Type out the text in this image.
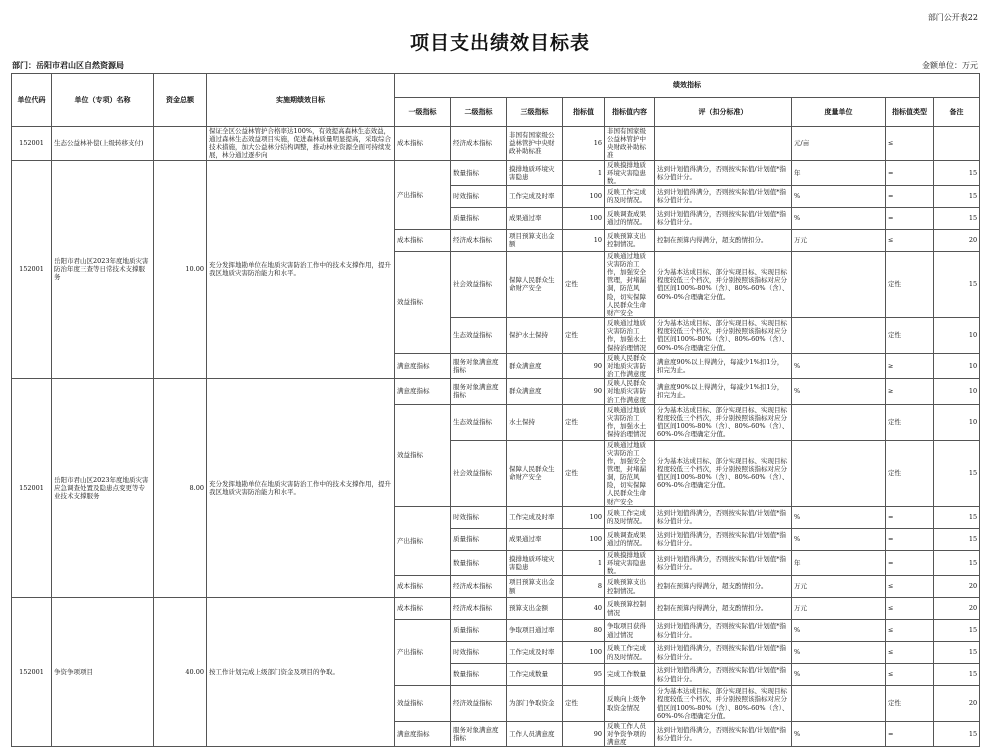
部门公开表22
项目支出绩效目标表
部门：岳阳市君山区自然资源局	金额单位：万元
单位代码	单位（专项）名称	资金总额	实施期绩效目标	绩效指标								
				一级指标	二级指标	三级指标	指标值	指标值内容	评（扣分标准）	度量单位	指标值类型	备注
152001	生态公益林补偿(上级转移支付)		保证全区公益林管护合格率达100%，有效提高森林生态效益，通过森林生态效益项目实施，促进森林质量明显提高，采取综合技术措施，加大公益林分结构调整，推动林业资源全面可持续发展，林分通过逐步向	成本指标	经济成本指标	非国有国家级公益林管护中央财政补助标准	16	非国有国家级公益林管护中央财政补助标准		元/亩	≤	
152001	岳阳市君山区2023年度地质灾害防治年度三查等日常技术支撑服务	10.00	充分发挥地勘单位在地质灾害防治工作中的技术支撑作用，提升我区地质灾害防治能力和水平。	产出指标	数量指标	摸排地质环境灾害隐患	1	反映摸排地质环境灾害隐患数。	达到计划值得满分，否则按实际值/计划值*指标分值计分。	年	=	15
					时效指标	工作完成及时率	100	反映工作完成的及时情况。	达到计划值得满分，否则按实际值/计划值*指标分值计分。	%	=	15
					质量指标	成果通过率	100	反映调查成果通过的情况。	达到计划值得满分，否则按实际值/计划值*指标分值计分。	%	=	15
				成本指标	经济成本指标	项目预算支出金额	10	反映预算支出控制情况。	控制在预算内得满分，超支酌情扣分。	万元	≤	20
				效益指标	社会效益指标	保障人民群众生命财产安全	定性	反映通过地质灾害防治工作，加强安全管理，封堵漏洞，防范风险，切实保障人民群众生命财产安全	分为基本达成目标、部分实现目标、实现目标程度较低三个档次，并分别按照该指标对应分值区间100%-80%（含）、80%-60%（含）、60%-0%合理确定分值。		定性	15
					生态效益指标	保护水土保持	定性	反映通过地质灾害防治工作，加强水土保持治理情况	分为基本达成目标、部分实现目标、实现目标程度较低三个档次，并分别按照该指标对应分值区间100%-80%（含）、80%-60%（含）、60%-0%合理确定分值。		定性	10
				满意度指标	服务对象满意度指标	群众满意度	90	反映人民群众对地质灾害防治工作满意度	满意度90%以上得满分，每减少1%扣1分，扣完为止。	%	≥	10
152001	岳阳市君山区2023年度地质灾害应急调查处置及隐患点变更等专业技术支撑服务	8.00	充分发挥地勘单位在地质灾害防治工作中的技术支撑作用，提升我区地质灾害防治能力和水平。	满意度指标	服务对象满意度指标	群众满意度	90	反映人民群众对地质灾害防治工作满意度	满意度90%以上得满分，每减少1%扣1分，扣完为止。	%	≥	10
				效益指标	生态效益指标	水土保持	定性	反映通过地质灾害防治工作，加强水土保持治理情况	分为基本达成目标、部分实现目标、实现目标程度较低三个档次，并分别按照该指标对应分值区间100%-80%（含）、80%-60%（含）、60%-0%合理确定分值。		定性	10
					社会效益指标	保障人民群众生命财产安全	定性	反映通过地质灾害防治工作，加强安全管理，封堵漏洞，防范风险，切实保障人民群众生命财产安全	分为基本达成目标、部分实现目标、实现目标程度较低三个档次，并分别按照该指标对应分值区间100%-80%（含）、80%-60%（含）、60%-0%合理确定分值。		定性	15
				产出指标	时效指标	工作完成及时率	100	反映工作完成的及时情况。	达到计划值得满分，否则按实际值/计划值*指标分值计分。	%	=	15
					质量指标	成果通过率	100	反映调查成果通过的情况。	达到计划值得满分，否则按实际值/计划值*指标分值计分。	%	=	15
					数量指标	摸排地质环境灾害隐患	1	反映摸排地质环境灾害隐患数。	达到计划值得满分，否则按实际值/计划值*指标分值计分。	年	=	15
				成本指标	经济成本指标	项目预算支出金额	8	反映预算支出控制情况。	控制在预算内得满分，超支酌情扣分。	万元	≤	20
152001	争资争项项目	40.00	按工作计划完成上级部门资金及项目的争取。	成本指标	经济成本指标	预算支出金额	40	反映预算控制情况	控制在预算内得满分，超支酌情扣分。	万元	≤	20
				产出指标	质量指标	争取项目通过率	80	争取项目获得通过情况	达到计划值得满分，否则按实际值/计划值*指标分值计分。	%	≤	15
					时效指标	工作完成及时率	100	反映工作完成的及时情况。	达到计划值得满分，否则按实际值/计划值*指标分值计分。	%	≤	15
					数量指标	工作完成数量	95	完成工作数量	达到计划值得满分，否则按实际值/计划值*指标分值计分。	%	≤	15
				效益指标	经济效益指标	为部门争取资金	定性	反映向上级争取资金情况	分为基本达成目标、部分实现目标、实现目标程度较低三个档次，并分别按照该指标对应分值区间100%-80%（含）、80%-60%（含）、60%-0%合理确定分值。		定性	20
				满意度指标	服务对象满意度指标	工作人员满意度	90	反映工作人员对争资争项的满意度	达到计划值得满分，否则按实际值/计划值*指标分值计分。	%	=	15
